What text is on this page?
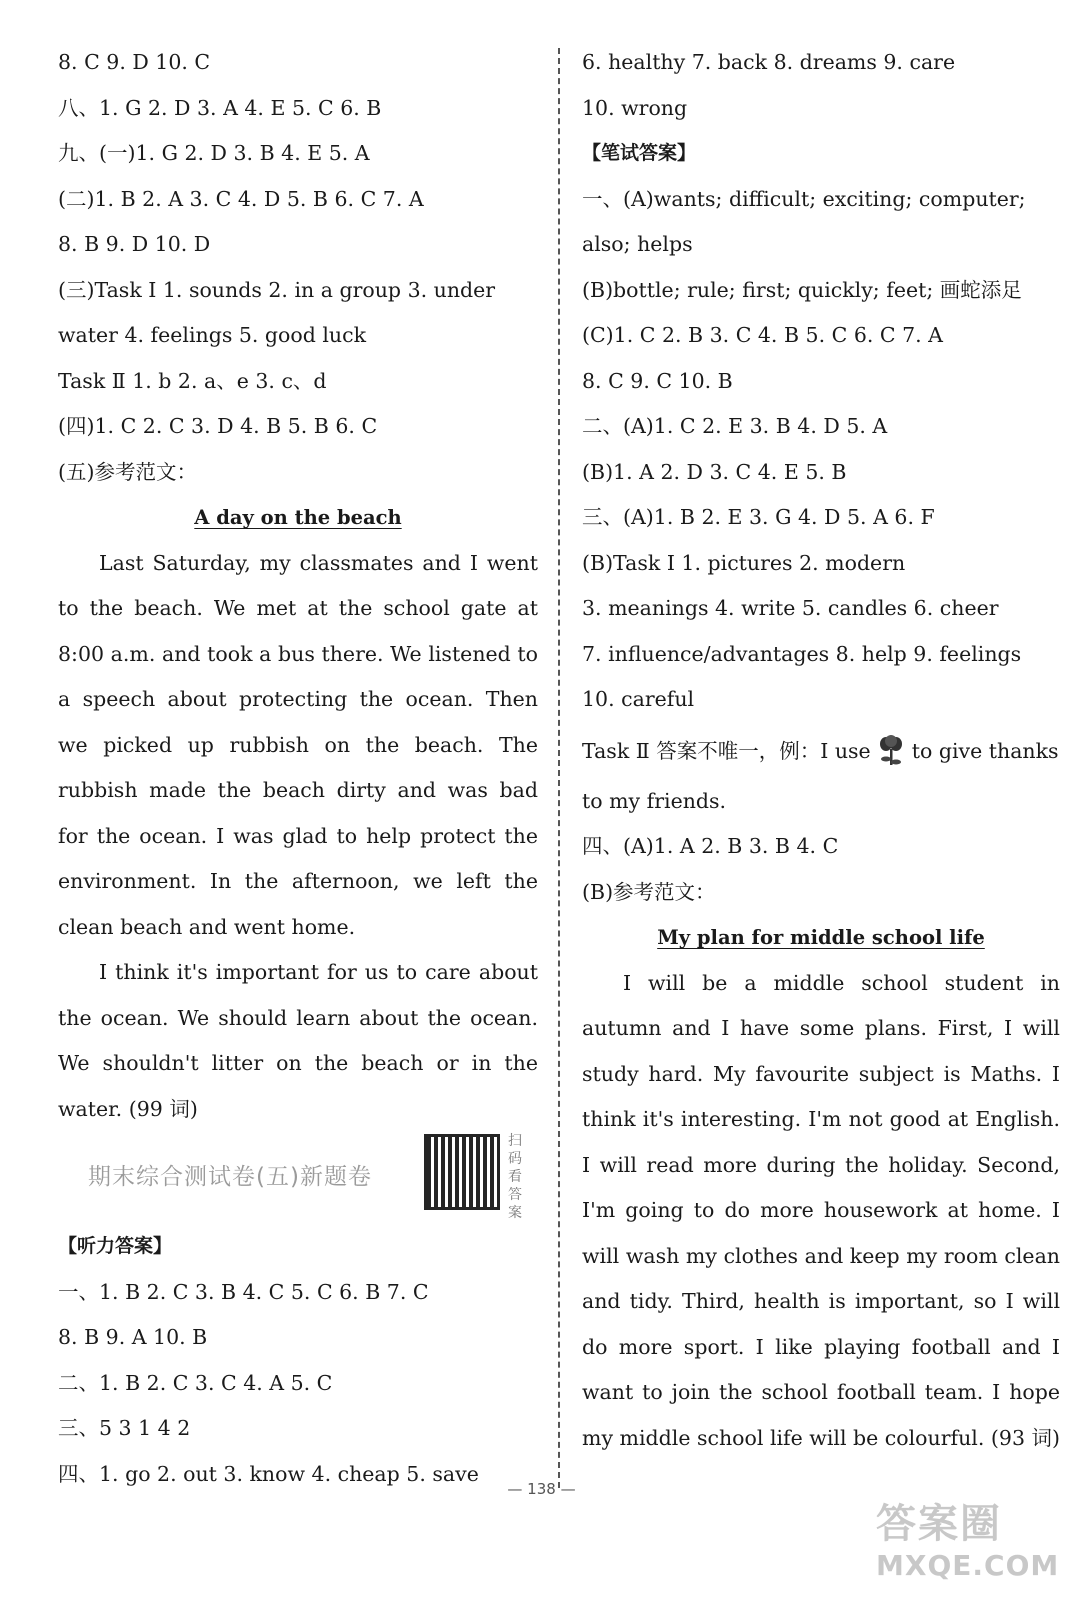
8. C 9. D 10. C
八、1. G 2. D 3. A 4. E 5. C 6. B
九、(一)1. G 2. D 3. B 4. E 5. A
(二)1. B 2. A 3. C 4. D 5. B 6. C 7. A
8. B 9. D 10. D
(三)Task Ⅰ 1. sounds 2. in a group 3. under
water 4. feelings 5. good luck
Task Ⅱ 1. b 2. a、e 3. c、d
(四)1. C 2. C 3. D 4. B 5. B 6. C
(五)参考范文：
A day on the beach

Last Saturday, my classmates and I went to the beach. We met at the school gate at 8:00 a.m. and took a bus there. We listened to a speech about protecting the ocean. Then we picked up rubbish on the beach. The rubbish made the beach dirty and was bad for the ocean. I was glad to help protect the environment. In the afternoon, we left the clean beach and went home.

I think it's important for us to care about the ocean. We should learn about the ocean. We shouldn't litter on the beach or in the water. (99 词)

期末综合测试卷(五)新题卷
扫码看答案
【听力答案】
一、1. B 2. C 3. B 4. C 5. C 6. B 7. C
8. B 9. A 10. B
二、1. B 2. C 3. C 4. A 5. C
三、5 3 1 4 2
四、1. go 2. out 3. know 4. cheap 5. save
6. healthy 7. back 8. dreams 9. care
10. wrong
【笔试答案】
一、(A)wants; difficult; exciting; computer;
also; helps
(B)bottle; rule; first; quickly; feet; 画蛇添足
(C)1. C 2. B 3. C 4. B 5. C 6. C 7. A
8. C 9. C 10. B
二、(A)1. C 2. E 3. B 4. D 5. A
(B)1. A 2. D 3. C 4. E 5. B
三、(A)1. B 2. E 3. G 4. D 5. A 6. F
(B)Task Ⅰ 1. pictures 2. modern
3. meanings 4. write 5. candles 6. cheer
7. influence/advantages 8. help 9. feelings
10. careful
Task Ⅱ 答案不唯一，例：I use to give thanks
to my friends.
四、(A)1. A 2. B 3. B 4. C
(B)参考范文：
My plan for middle school life

I will be a middle school student in autumn and I have some plans. First, I will study hard. My favourite subject is Maths. I think it's interesting. I'm not good at English. I will read more during the holiday. Second, I'm going to do more housework at home. I will wash my clothes and keep my room clean and tidy. Third, health is important, so I will do more sport. I like playing football and I want to join the school football team. I hope my middle school life will be colourful. (93 词)

— 138 —
答案圈
MXQE.COM
